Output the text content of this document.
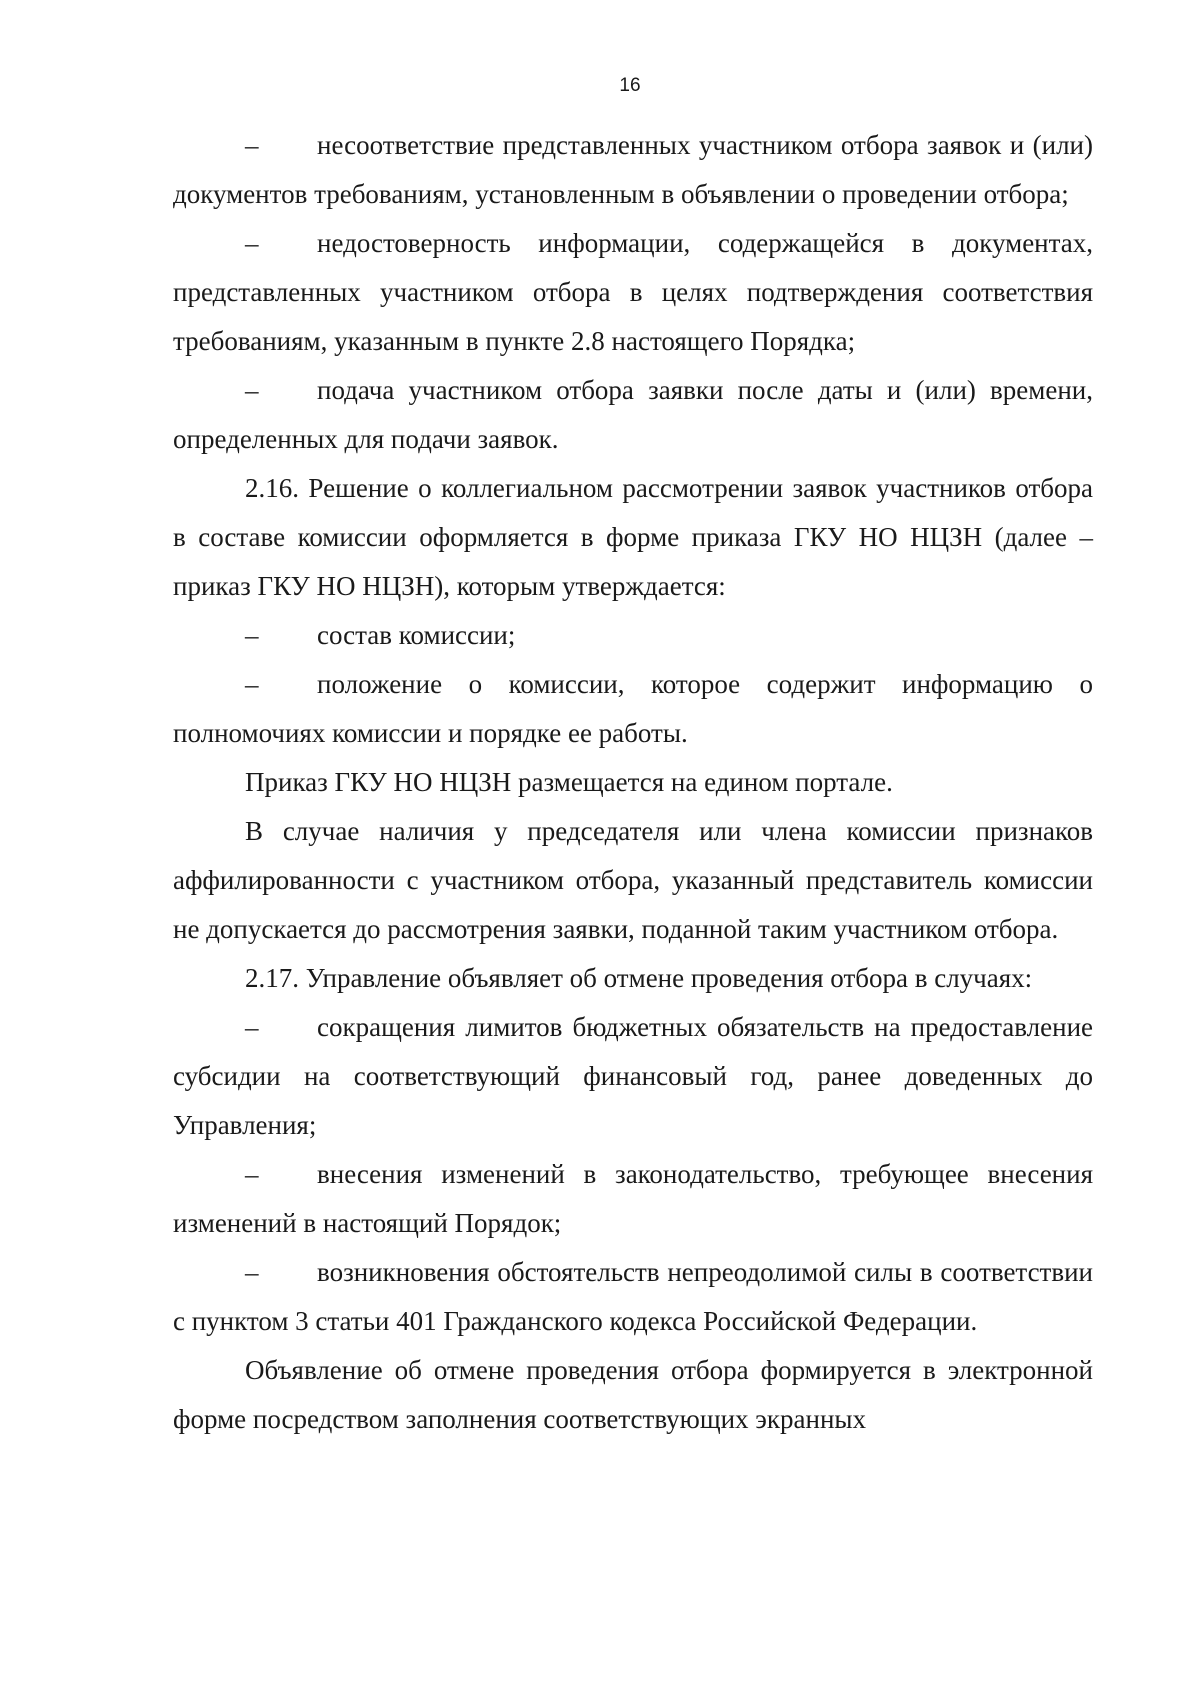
16

– несоответствие представленных участником отбора заявок и (или) документов требованиям, установленным в объявлении о проведении отбора;

– недостоверность информации, содержащейся в документах, представленных участником отбора в целях подтверждения соответствия требованиям, указанным в пункте 2.8 настоящего Порядка;

– подача участником отбора заявки после даты и (или) времени, определенных для подачи заявок.

2.16. Решение о коллегиальном рассмотрении заявок участников отбора в составе комиссии оформляется в форме приказа ГКУ НО НЦЗН (далее – приказ ГКУ НО НЦЗН), которым утверждается:

– состав комиссии;

– положение о комиссии, которое содержит информацию о полномочиях комиссии и порядке ее работы.

Приказ ГКУ НО НЦЗН размещается на едином портале.

В случае наличия у председателя или члена комиссии признаков аффилированности с участником отбора, указанный представитель комиссии не допускается до рассмотрения заявки, поданной таким участником отбора.

2.17. Управление объявляет об отмене проведения отбора в случаях:

– сокращения лимитов бюджетных обязательств на предоставление субсидии на соответствующий финансовый год, ранее доведенных до Управления;

– внесения изменений в законодательство, требующее внесения изменений в настоящий Порядок;

– возникновения обстоятельств непреодолимой силы в соответствии с пунктом 3 статьи 401 Гражданского кодекса Российской Федерации.

Объявление об отмене проведения отбора формируется в электронной форме посредством заполнения соответствующих экранных
